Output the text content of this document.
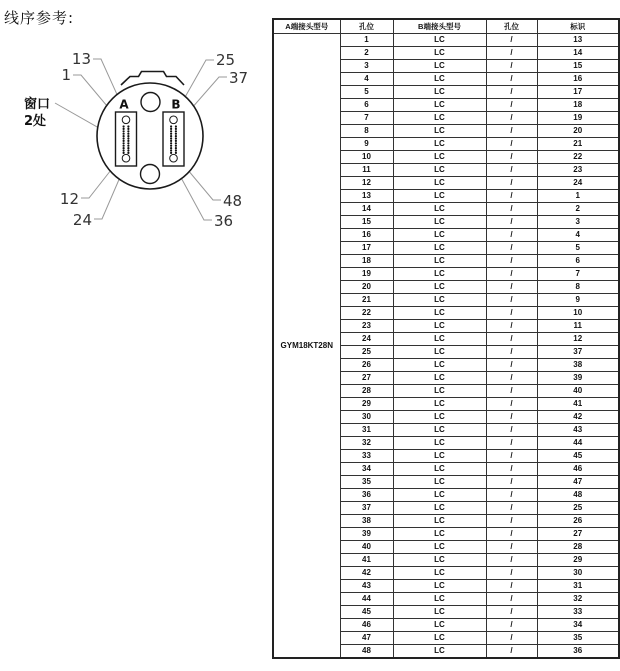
线序参考:
A	B
窗口
2处
13
1
12
24
25
37
48
36
A端接头型号	孔位	B端接头型号	孔位	标识
GYM18KT28N	1	LC	/	13
	2	LC	/	14
	3	LC	/	15
	4	LC	/	16
	5	LC	/	17
	6	LC	/	18
	7	LC	/	19
	8	LC	/	20
	9	LC	/	21
	10	LC	/	22
	11	LC	/	23
	12	LC	/	24
	13	LC	/	1
	14	LC	/	2
	15	LC	/	3
	16	LC	/	4
	17	LC	/	5
	18	LC	/	6
	19	LC	/	7
	20	LC	/	8
	21	LC	/	9
	22	LC	/	10
	23	LC	/	11
	24	LC	/	12
	25	LC	/	37
	26	LC	/	38
	27	LC	/	39
	28	LC	/	40
	29	LC	/	41
	30	LC	/	42
	31	LC	/	43
	32	LC	/	44
	33	LC	/	45
	34	LC	/	46
	35	LC	/	47
	36	LC	/	48
	37	LC	/	25
	38	LC	/	26
	39	LC	/	27
	40	LC	/	28
	41	LC	/	29
	42	LC	/	30
	43	LC	/	31
	44	LC	/	32
	45	LC	/	33
	46	LC	/	34
	47	LC	/	35
	48	LC	/	36
